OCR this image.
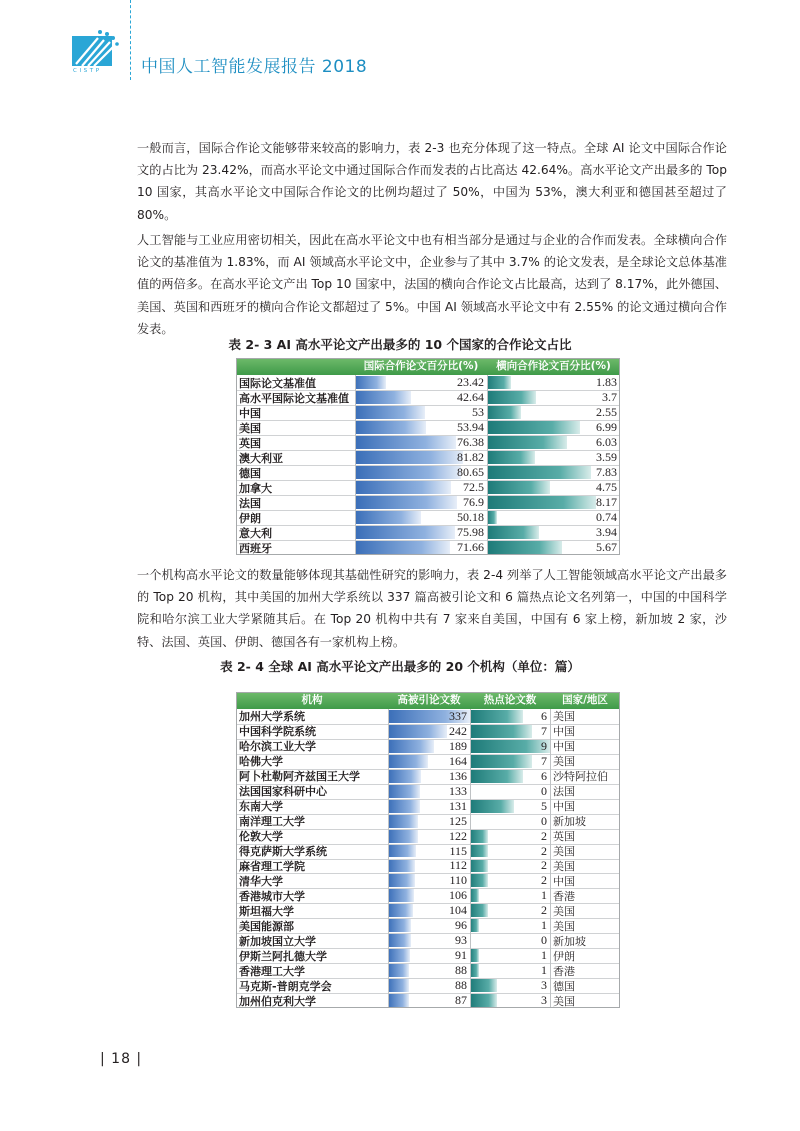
CISTP 中国人工智能发展报告 2018
一般而言，国际合作论文能够带来较高的影响力，表 2-3 也充分体现了这一特点。全球 AI 论文中国际合作论文的占比为 23.42%，而高水平论文中通过国际合作而发表的占比高达 42.64%。高水平论文产出最多的 Top 10 国家，其高水平论文中国际合作论文的比例均超过了 50%，中国为 53%，澳大利亚和德国甚至超过了 80%。
人工智能与工业应用密切相关，因此在高水平论文中也有相当部分是通过与企业的合作而发表。全球横向合作论文的基准值为 1.83%，而 AI 领域高水平论文中，企业参与了其中 3.7% 的论文发表，是全球论文总体基准值的两倍多。在高水平论文产出 Top 10 国家中，法国的横向合作论文占比最高，达到了 8.17%，此外德国、美国、英国和西班牙的横向合作论文都超过了 5%。中国 AI 领域高水平论文中有 2.55% 的论文通过横向合作发表。
表 2- 3 AI 高水平论文产出最多的 10 个国家的合作论文占比
国际合作论文百分比(%)	横向合作论文百分比(%)
国际论文基准值	23.42	1.83
高水平国际论文基准值	42.64	3.7
中国	53	2.55
美国	53.94	6.99
英国	76.38	6.03
澳大利亚	81.82	3.59
德国	80.65	7.83
加拿大	72.5	4.75
法国	76.9	8.17
伊朗	50.18	0.74
意大利	75.98	3.94
西班牙	71.66	5.67
一个机构高水平论文的数量能够体现其基础性研究的影响力，表 2-4 列举了人工智能领域高水平论文产出最多的 Top 20 机构，其中美国的加州大学系统以 337 篇高被引论文和 6 篇热点论文名列第一，中国的中国科学院和哈尔滨工业大学紧随其后。在 Top 20 机构中共有 7 家来自美国，中国有 6 家上榜，新加坡 2 家，沙特、法国、英国、伊朗、德国各有一家机构上榜。
表 2- 4 全球 AI 高水平论文产出最多的 20 个机构（单位：篇）
机构	高被引论文数	热点论文数	国家/地区
加州大学系统	337	6 美国
中国科学院系统	242	7 中国
哈尔滨工业大学	189	9 中国
哈佛大学	164	7 美国
阿卜杜勒阿齐兹国王大学	136	6 沙特阿拉伯
法国国家科研中心	133	0 法国
东南大学	131	5 中国
南洋理工大学	125	0 新加坡
伦敦大学	122	2 英国
得克萨斯大学系统	115	2 美国
麻省理工学院	112	2 美国
清华大学	110	2 中国
香港城市大学	106	1 香港
斯坦福大学	104	2 美国
美国能源部	96	1 美国
新加坡国立大学	93	0 新加坡
伊斯兰阿扎德大学	91	1 伊朗
香港理工大学	88	1 香港
马克斯-普朗克学会	88	3 德国
加州伯克利大学	87	3 美国
| 18 |
